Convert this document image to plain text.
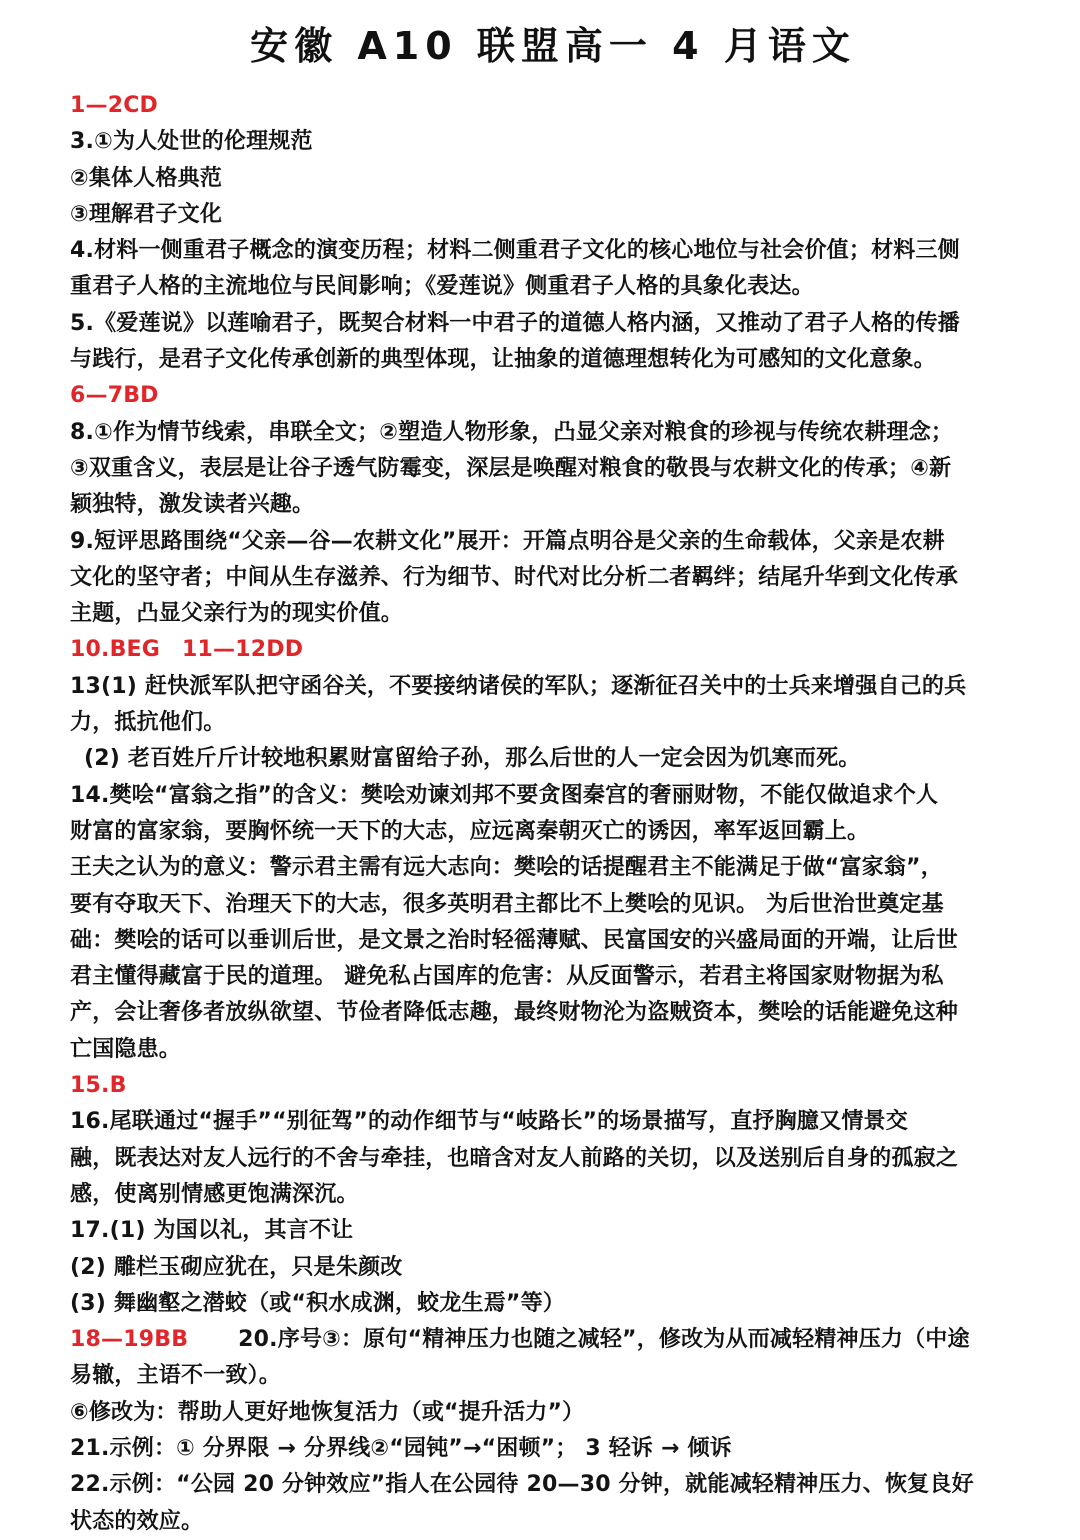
安徽 A10 联盟高一 4 月语文
1—2CD
3.①为人处世的伦理规范
②集体人格典范
③理解君子文化
4.材料一侧重君子概念的演变历程；材料二侧重君子文化的核心地位与社会价值；材料三侧
重君子人格的主流地位与民间影响；《爱莲说》侧重君子人格的具象化表达。
5.《爱莲说》以莲喻君子，既契合材料一中君子的道德人格内涵，又推动了君子人格的传播
与践行，是君子文化传承创新的典型体现，让抽象的道德理想转化为可感知的文化意象。
6—7BD
8.①作为情节线索，串联全文；②塑造人物形象，凸显父亲对粮食的珍视与传统农耕理念；
③双重含义，表层是让谷子透气防霉变，深层是唤醒对粮食的敬畏与农耕文化的传承；④新
颖独特，激发读者兴趣。
9.短评思路围绕“父亲—谷—农耕文化”展开：开篇点明谷是父亲的生命载体，父亲是农耕
文化的坚守者；中间从生存滋养、行为细节、时代对比分析二者羁绊；结尾升华到文化传承
主题，凸显父亲行为的现实价值。
10.BEG 11—12DD
13(1) 赶快派军队把守函谷关，不要接纳诸侯的军队；逐渐征召关中的士兵来增强自己的兵
力，抵抗他们。
(2) 老百姓斤斤计较地积累财富留给子孙，那么后世的人一定会因为饥寒而死。
14.樊哙“富翁之指”的含义：樊哙劝谏刘邦不要贪图秦宫的奢丽财物，不能仅做追求个人
财富的富家翁，要胸怀统一天下的大志，应远离秦朝灭亡的诱因，率军返回霸上。
王夫之认为的意义：警示君主需有远大志向：樊哙的话提醒君主不能满足于做“富家翁”，
要有夺取天下、治理天下的大志，很多英明君主都比不上樊哙的见识。 为后世治世奠定基
础：樊哙的话可以垂训后世，是文景之治时轻徭薄赋、民富国安的兴盛局面的开端，让后世
君主懂得藏富于民的道理。 避免私占国库的危害：从反面警示，若君主将国家财物据为私
产，会让奢侈者放纵欲望、节俭者降低志趣，最终财物沦为盗贼资本，樊哙的话能避免这种
亡国隐患。
15.B
16.尾联通过“握手”“别征驾”的动作细节与“岐路长”的场景描写，直抒胸臆又情景交
融，既表达对友人远行的不舍与牵挂，也暗含对友人前路的关切，以及送别后自身的孤寂之
感，使离别情感更饱满深沉。
17.(1) 为国以礼，其言不让
(2) 雕栏玉砌应犹在，只是朱颜改
(3) 舞幽壑之潜蛟（或“积水成渊，蛟龙生焉”等）
18—19BB 20.序号③：原句“精神压力也随之减轻”，修改为从而减轻精神压力（中途
易辙，主语不一致）。
⑥修改为：帮助人更好地恢复活力（或“提升活力”）
21.示例：① 分界限 → 分界线②“园钝”→“困顿”； 3 轻诉 → 倾诉
22.示例：“公园 20 分钟效应”指人在公园待 20—30 分钟，就能减轻精神压力、恢复良好
状态的效应。
